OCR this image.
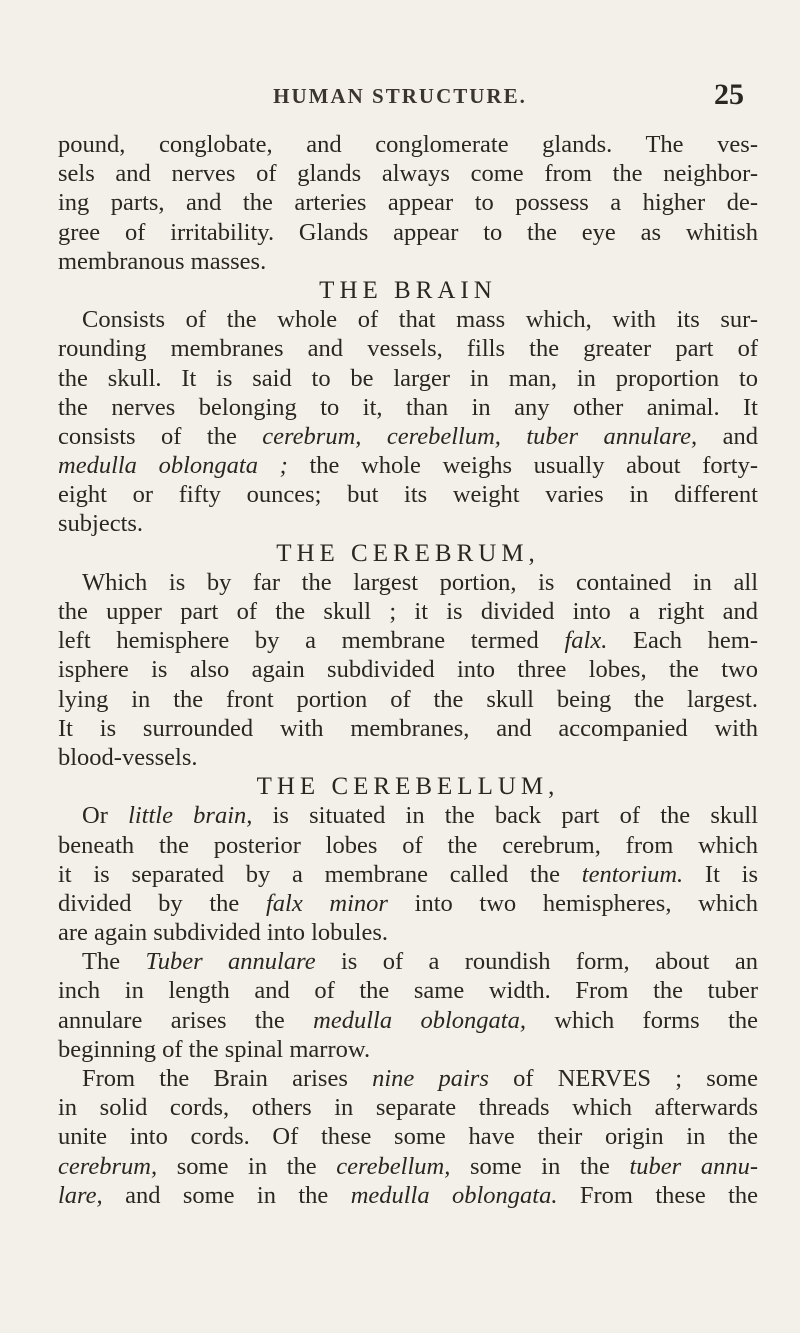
HUMAN STRUCTURE.	25
pound, conglobate, and conglomerate glands. The ves-
sels and nerves of glands always come from the neighbor-
ing parts, and the arteries appear to possess a higher de-
gree of irritability. Glands appear to the eye as whitish
membranous masses.
THE BRAIN
Consists of the whole of that mass which, with its sur-
rounding membranes and vessels, fills the greater part of
the skull. It is said to be larger in man, in proportion to
the nerves belonging to it, than in any other animal. It
consists of the cerebrum, cerebellum, tuber annulare, and
medulla oblongata ; the whole weighs usually about forty-
eight or fifty ounces; but its weight varies in different
subjects.
THE CEREBRUM,
Which is by far the largest portion, is contained in all
the upper part of the skull ; it is divided into a right and
left hemisphere by a membrane termed falx. Each hem-
isphere is also again subdivided into three lobes, the two
lying in the front portion of the skull being the largest.
It is surrounded with membranes, and accompanied with
blood-vessels.
THE CEREBELLUM,
Or little brain, is situated in the back part of the skull
beneath the posterior lobes of the cerebrum, from which
it is separated by a membrane called the tentorium. It is
divided by the falx minor into two hemispheres, which
are again subdivided into lobules.
The Tuber annulare is of a roundish form, about an
inch in length and of the same width. From the tuber
annulare arises the medulla oblongata, which forms the
beginning of the spinal marrow.
From the Brain arises nine pairs of NERVES ; some
in solid cords, others in separate threads which afterwards
unite into cords. Of these some have their origin in the
cerebrum, some in the cerebellum, some in the tuber annu-
lare, and some in the medulla oblongata. From these the
